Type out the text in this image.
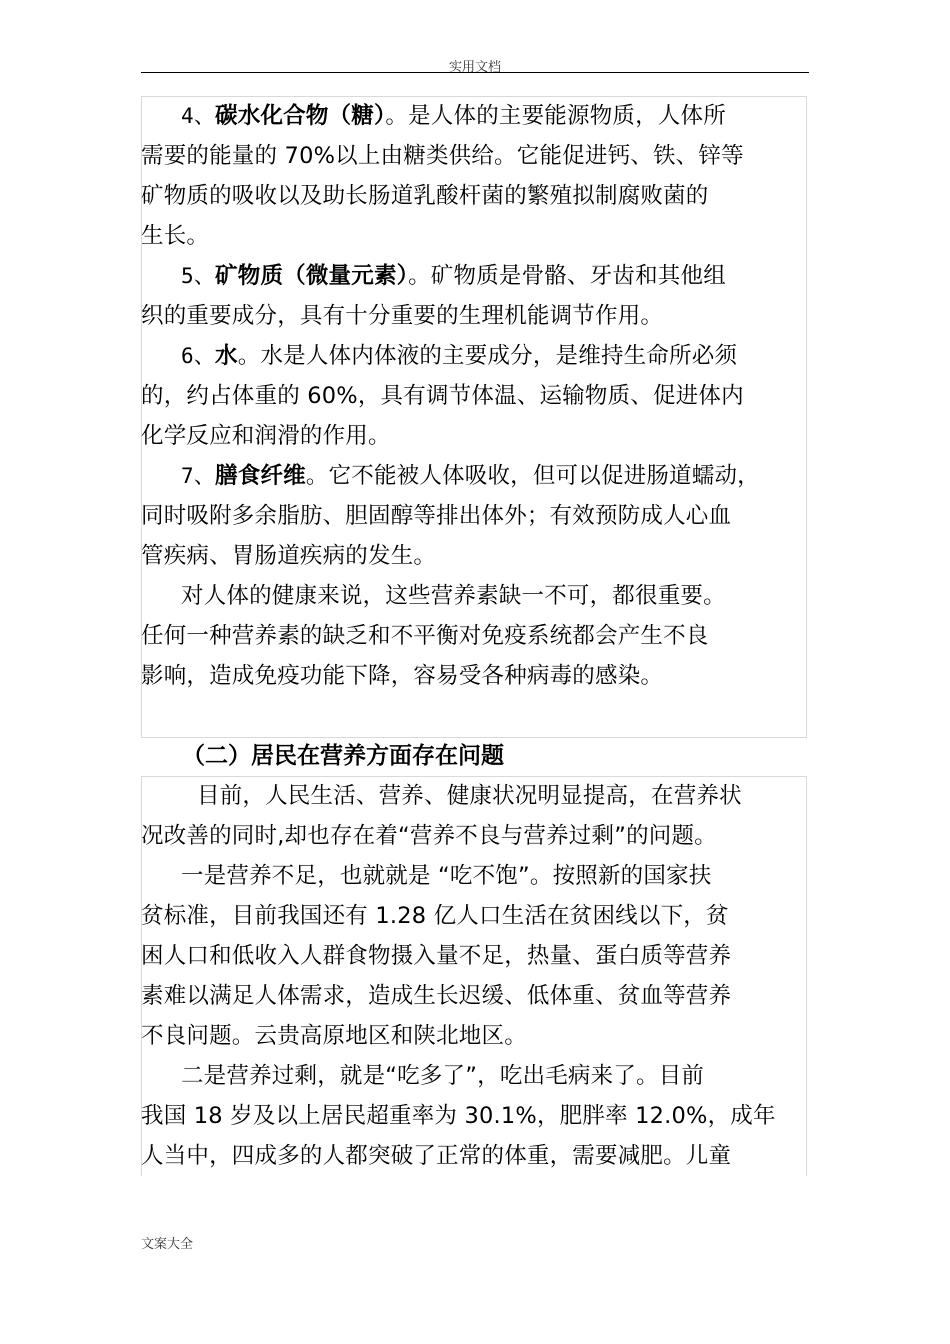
实用文档
4、碳水化合物（糖）。是人体的主要能源物质，人体所
需要的能量的 70%以上由糖类供给。它能促进钙、铁、锌等
矿物质的吸收以及助长肠道乳酸杆菌的繁殖拟制腐败菌的
生长。
5、矿物质（微量元素）。矿物质是骨骼、牙齿和其他组
织的重要成分，具有十分重要的生理机能调节作用。
6、水。水是人体内体液的主要成分，是维持生命所必须
的，约占体重的 60%，具有调节体温、运输物质、促进体内
化学反应和润滑的作用。
7、膳食纤维。它不能被人体吸收，但可以促进肠道蠕动，
同时吸附多余脂肪、胆固醇等排出体外；有效预防成人心血
管疾病、胃肠道疾病的发生。
对人体的健康来说，这些营养素缺一不可，都很重要。
任何一种营养素的缺乏和不平衡对免疫系统都会产生不良
影响，造成免疫功能下降，容易受各种病毒的感染。
（二）居民在营养方面存在问题
目前，人民生活、营养、健康状况明显提高，在营养状
况改善的同时,却也存在着“营养不良与营养过剩”的问题。
一是营养不足，也就就是 “吃不饱”。按照新的国家扶
贫标准，目前我国还有 1.28 亿人口生活在贫困线以下，贫
困人口和低收入人群食物摄入量不足，热量、蛋白质等营养
素难以满足人体需求，造成生长迟缓、低体重、贫血等营养
不良问题。云贵高原地区和陕北地区。
二是营养过剩，就是“吃多了”，吃出毛病来了。目前
我国 18 岁及以上居民超重率为 30.1%，肥胖率 12.0%，成年
人当中，四成多的人都突破了正常的体重，需要减肥。儿童
文案大全
